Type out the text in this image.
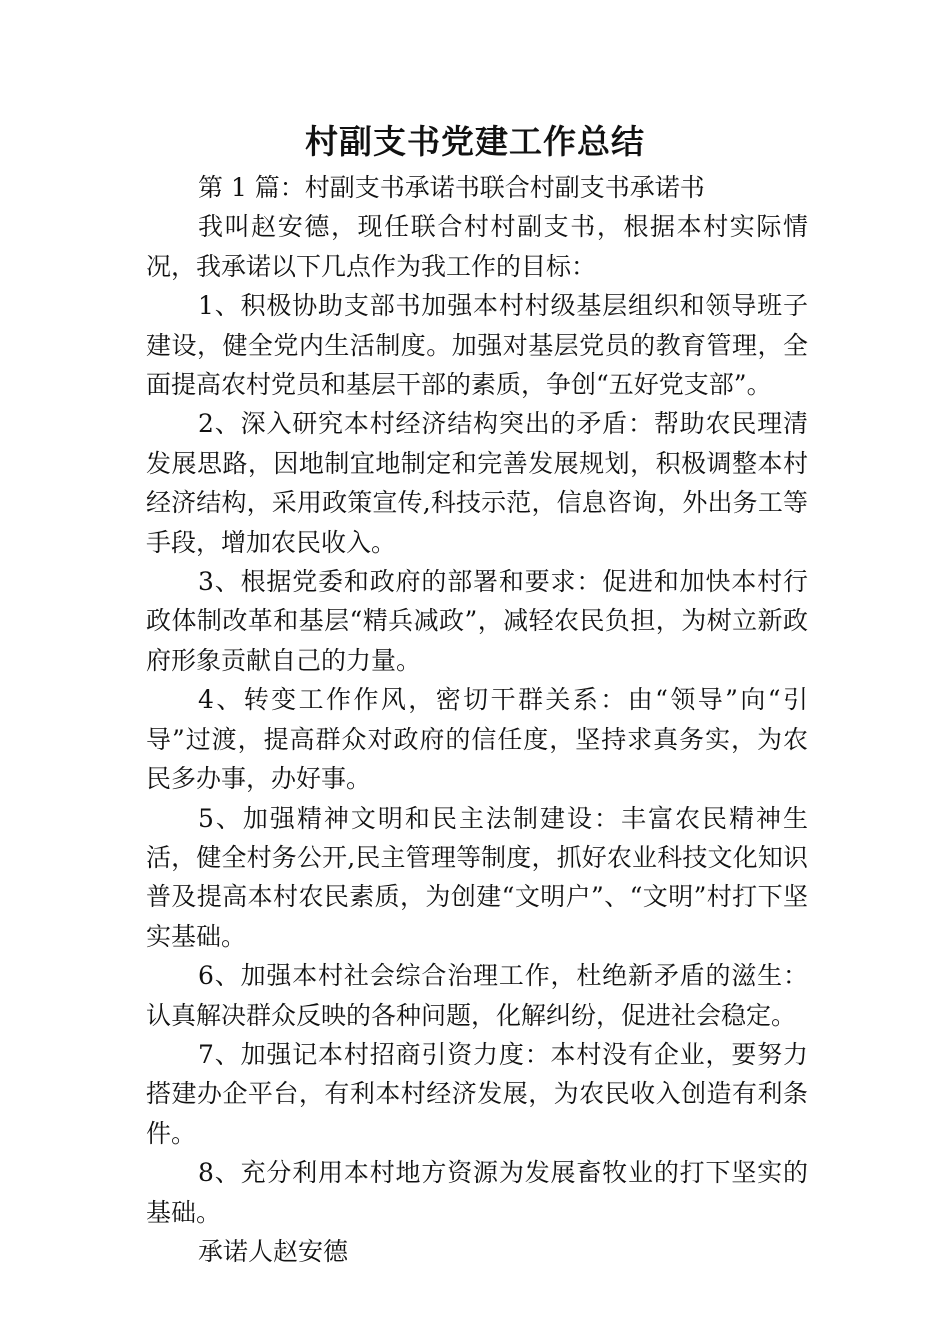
村副支书党建工作总结

第 1 篇：村副支书承诺书联合村副支书承诺书

我叫赵安德，现任联合村村副支书，根据本村实际情况，我承诺以下几点作为我工作的目标：

1、积极协助支部书加强本村村级基层组织和领导班子建设，健全党内生活制度。加强对基层党员的教育管理，全面提高农村党员和基层干部的素质，争创“五好党支部”。

2、深入研究本村经济结构突出的矛盾：帮助农民理清发展思路，因地制宜地制定和完善发展规划，积极调整本村经济结构，采用政策宣传,科技示范，信息咨询，外出务工等手段，增加农民收入。

3、根据党委和政府的部署和要求：促进和加快本村行政体制改革和基层“精兵减政”，减轻农民负担，为树立新政府形象贡献自己的力量。

4、转变工作作风，密切干群关系：由“领导”向“引导”过渡，提高群众对政府的信任度，坚持求真务实，为农民多办事，办好事。

5、加强精神文明和民主法制建设：丰富农民精神生活，健全村务公开,民主管理等制度，抓好农业科技文化知识普及提高本村农民素质，为创建“文明户”、“文明”村打下坚实基础。

6、加强本村社会综合治理工作，杜绝新矛盾的滋生：认真解决群众反映的各种问题，化解纠纷，促进社会稳定。

7、加强记本村招商引资力度：本村没有企业，要努力搭建办企平台，有利本村经济发展，为农民收入创造有利条件。

8、充分利用本村地方资源为发展畜牧业的打下坚实的基础。

承诺人赵安德
